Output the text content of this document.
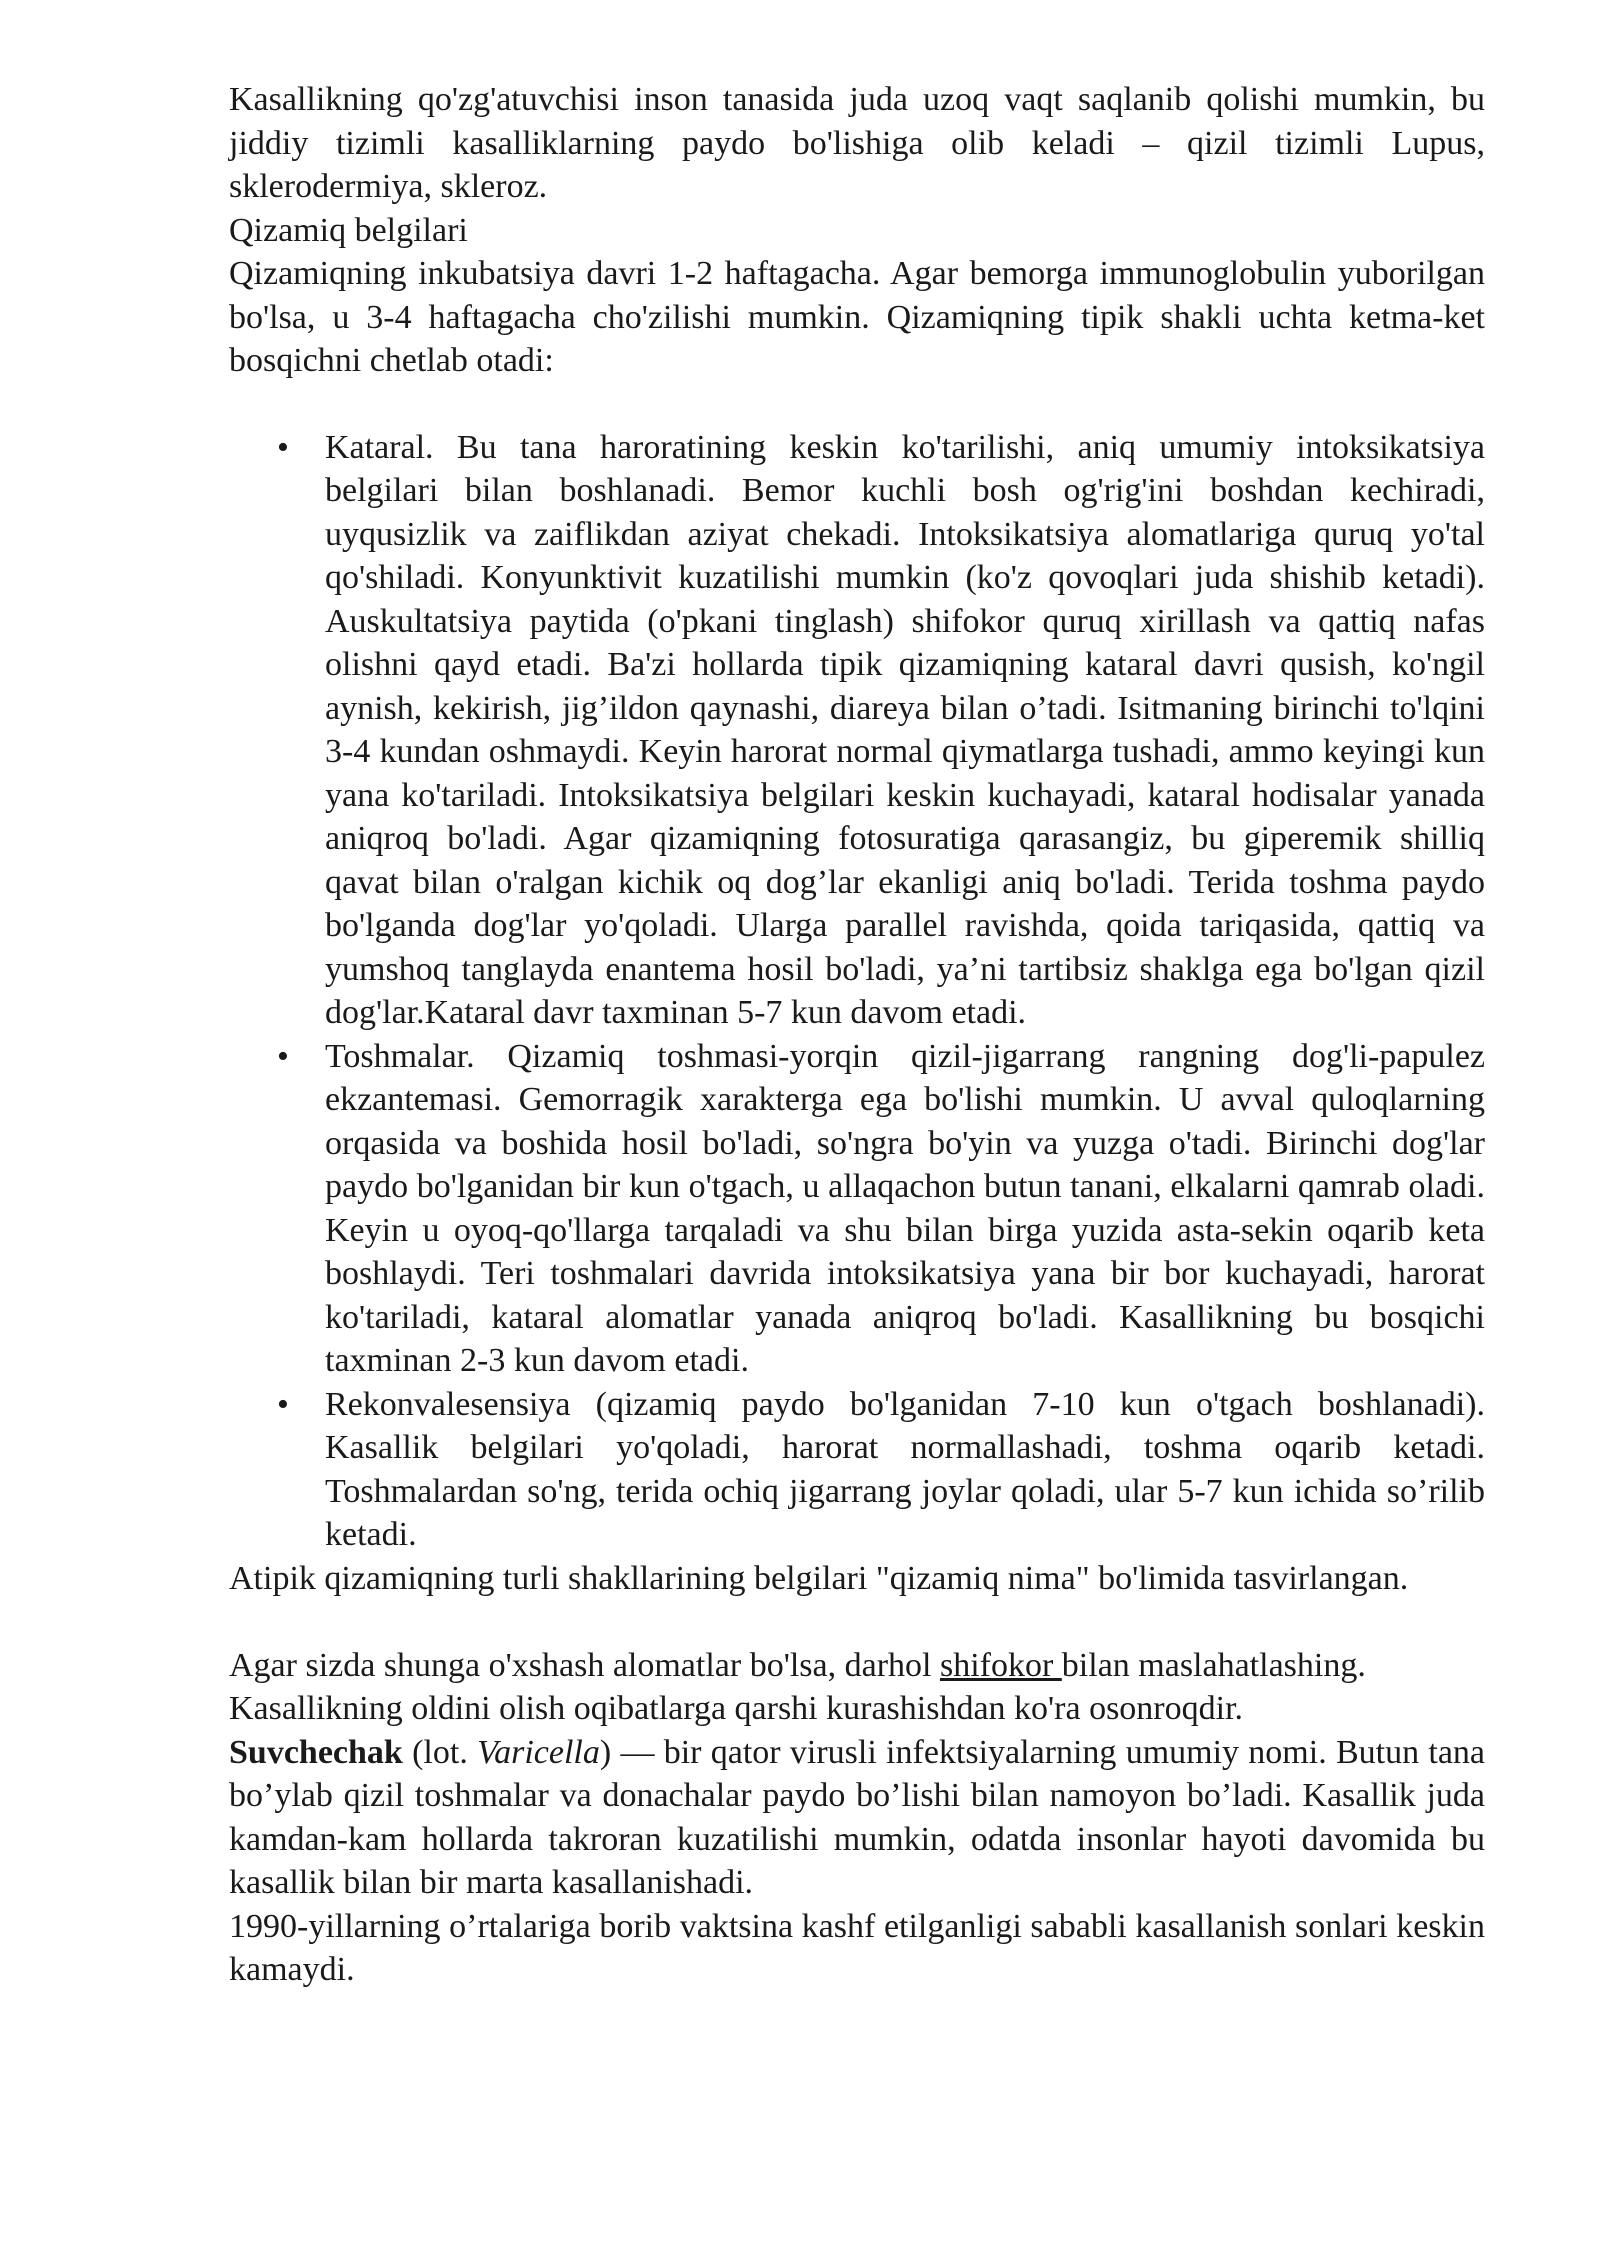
Kasallikning qo'zg'atuvchisi inson tanasida juda uzoq vaqt saqlanib qolishi mumkin, bu jiddiy tizimli kasalliklarning paydo bo'lishiga olib keladi – qizil tizimli Lupus, sklerodermiya, skleroz.

Qizamiq belgilari

Qizamiqning inkubatsiya davri 1-2 haftagacha. Agar bemorga immunoglobulin yuborilgan bo'lsa, u 3-4 haftagacha cho'zilishi mumkin. Qizamiqning tipik shakli uchta ketma-ket bosqichni chetlab otadi:

• Kataral. Bu tana haroratining keskin ko'tarilishi, aniq umumiy intoksikatsiya belgilari bilan boshlanadi. Bemor kuchli bosh og'rig'ini boshdan kechiradi, uyqusizlik va zaiflikdan aziyat chekadi. Intoksikatsiya alomatlariga quruq yo'tal qo'shiladi. Konyunktivit kuzatilishi mumkin (ko'z qovoqlari juda shishib ketadi). Auskultatsiya paytida (o'pkani tinglash) shifokor quruq xirillash va qattiq nafas olishni qayd etadi. Ba'zi hollarda tipik qizamiqning kataral davri qusish, ko'ngil aynish, kekirish, jig’ildon qaynashi, diareya bilan o’tadi. Isitmaning birinchi to'lqini 3-4 kundan oshmaydi. Keyin harorat normal qiymatlarga tushadi, ammo keyingi kun yana ko'tariladi. Intoksikatsiya belgilari keskin kuchayadi, kataral hodisalar yanada aniqroq bo'ladi. Agar qizamiqning fotosuratiga qarasangiz, bu giperemik shilliq qavat bilan o'ralgan kichik oq dog’lar ekanligi aniq bo'ladi. Terida toshma paydo bo'lganda dog'lar yo'qoladi. Ularga parallel ravishda, qoida tariqasida, qattiq va yumshoq tanglayda enantema hosil bo'ladi, ya’ni tartibsiz shaklga ega bo'lgan qizil dog'lar.Kataral davr taxminan 5-7 kun davom etadi.
• Toshmalar. Qizamiq toshmasi-yorqin qizil-jigarrang rangning dog'li-papulez ekzantemasi. Gemorragik xarakterga ega bo'lishi mumkin. U avval quloqlarning orqasida va boshida hosil bo'ladi, so'ngra bo'yin va yuzga o'tadi. Birinchi dog'lar paydo bo'lganidan bir kun o'tgach, u allaqachon butun tanani, elkalarni qamrab oladi. Keyin u oyoq-qo'llarga tarqaladi va shu bilan birga yuzida asta-sekin oqarib keta boshlaydi. Teri toshmalari davrida intoksikatsiya yana bir bor kuchayadi, harorat ko'tariladi, kataral alomatlar yanada aniqroq bo'ladi. Kasallikning bu bosqichi taxminan 2-3 kun davom etadi.
• Rekonvalesensiya (qizamiq paydo bo'lganidan 7-10 kun o'tgach boshlanadi). Kasallik belgilari yo'qoladi, harorat normallashadi, toshma oqarib ketadi. Toshmalardan so'ng, terida ochiq jigarrang joylar qoladi, ular 5-7 kun ichida so’rilib ketadi.

Atipik qizamiqning turli shakllarining belgilari "qizamiq nima" bo'limida tasvirlangan.

Agar sizda shunga o'xshash alomatlar bo'lsa, darhol shifokor bilan maslahatlashing.

Kasallikning oldini olish oqibatlarga qarshi kurashishdan ko'ra osonroqdir.

Suvchechak (lot. Varicella) — bir qator virusli infektsiyalarning umumiy nomi. Butun tana bo’ylab qizil toshmalar va donachalar paydo bo’lishi bilan namoyon bo’ladi. Kasallik juda kamdan-kam hollarda takroran kuzatilishi mumkin, odatda insonlar hayoti davomida bu kasallik bilan bir marta kasallanishadi.

1990-yillarning o’rtalariga borib vaktsina kashf etilganligi sababli kasallanish sonlari keskin kamaydi.
